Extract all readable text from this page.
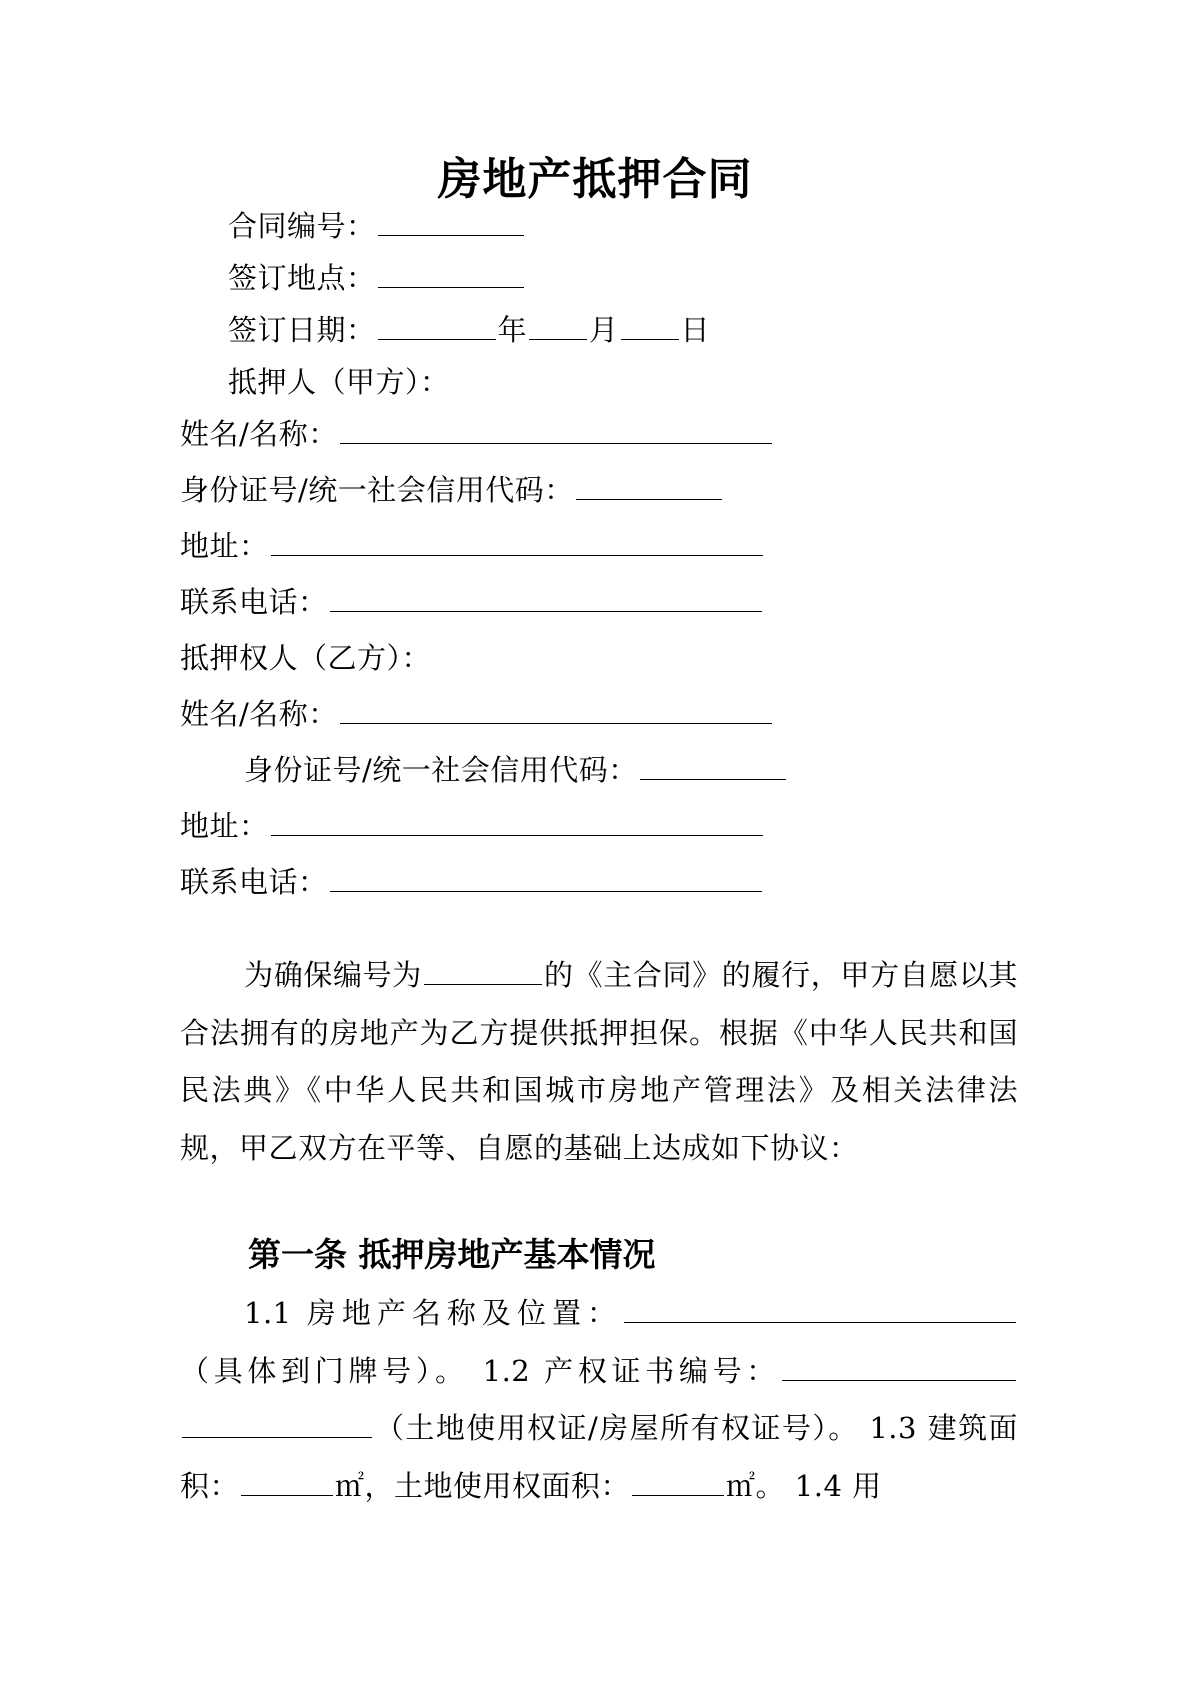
房地产抵押合同
合同编号：
签订地点：
签订日期：	年 月 日
抵押人（甲方）：
姓名/名称：
身份证号/统一社会信用代码：
地址：
联系电话：
抵押权人（乙方）：
姓名/名称：
身份证号/统一社会信用代码：
地址：
联系电话：
为确保编号为	的《主合同》的履行，甲方自愿以其合法拥有的房地产为乙方提供抵押担保。根据《中华人民共和国民法典》《中华人民共和国城市房地产管理法》及相关法律法规，甲乙双方在平等、自愿的基础上达成如下协议：
第一条 抵押房地产基本情况
1.1 房地产名称及位置：（具体到门牌号）。 1.2 产权证书编号：（土地使用权证/房屋所有权证号）。 1.3 建筑面积：	㎡，土地使用权面积：	㎡。 1.4 用
